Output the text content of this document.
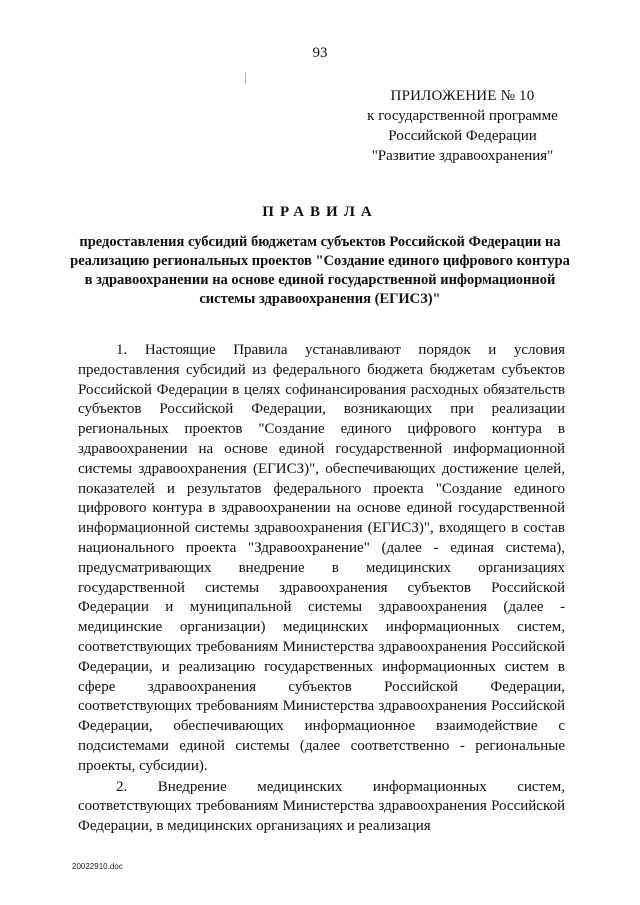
93
ПРИЛОЖЕНИЕ № 10
к государственной программе
Российской Федерации
"Развитие здравоохранения"
ПРАВИЛА
предоставления субсидий бюджетам субъектов Российской Федерации на реализацию региональных проектов "Создание единого цифрового контура в здравоохранении на основе единой государственной информационной системы здравоохранения (ЕГИСЗ)"

1. Настоящие Правила устанавливают порядок и условия предоставления субсидий из федерального бюджета бюджетам субъектов Российской Федерации в целях софинансирования расходных обязательств субъектов Российской Федерации, возникающих при реализации региональных проектов "Создание единого цифрового контура в здравоохранении на основе единой государственной информационной системы здравоохранения (ЕГИСЗ)", обеспечивающих достижение целей, показателей и результатов федерального проекта "Создание единого цифрового контура в здравоохранении на основе единой государственной информационной системы здравоохранения (ЕГИСЗ)", входящего в состав национального проекта "Здравоохранение" (далее - единая система), предусматривающих внедрение в медицинских организациях государственной системы здравоохранения субъектов Российской Федерации и муниципальной системы здравоохранения (далее - медицинские организации) медицинских информационных систем, соответствующих требованиям Министерства здравоохранения Российской Федерации, и реализацию государственных информационных систем в сфере здравоохранения субъектов Российской Федерации, соответствующих требованиям Министерства здравоохранения Российской Федерации, обеспечивающих информационное взаимодействие с подсистемами единой системы (далее соответственно - региональные проекты, субсидии).

2. Внедрение медицинских информационных систем, соответствующих требованиям Министерства здравоохранения Российской Федерации, в медицинских организациях и реализация

20022910.doc
